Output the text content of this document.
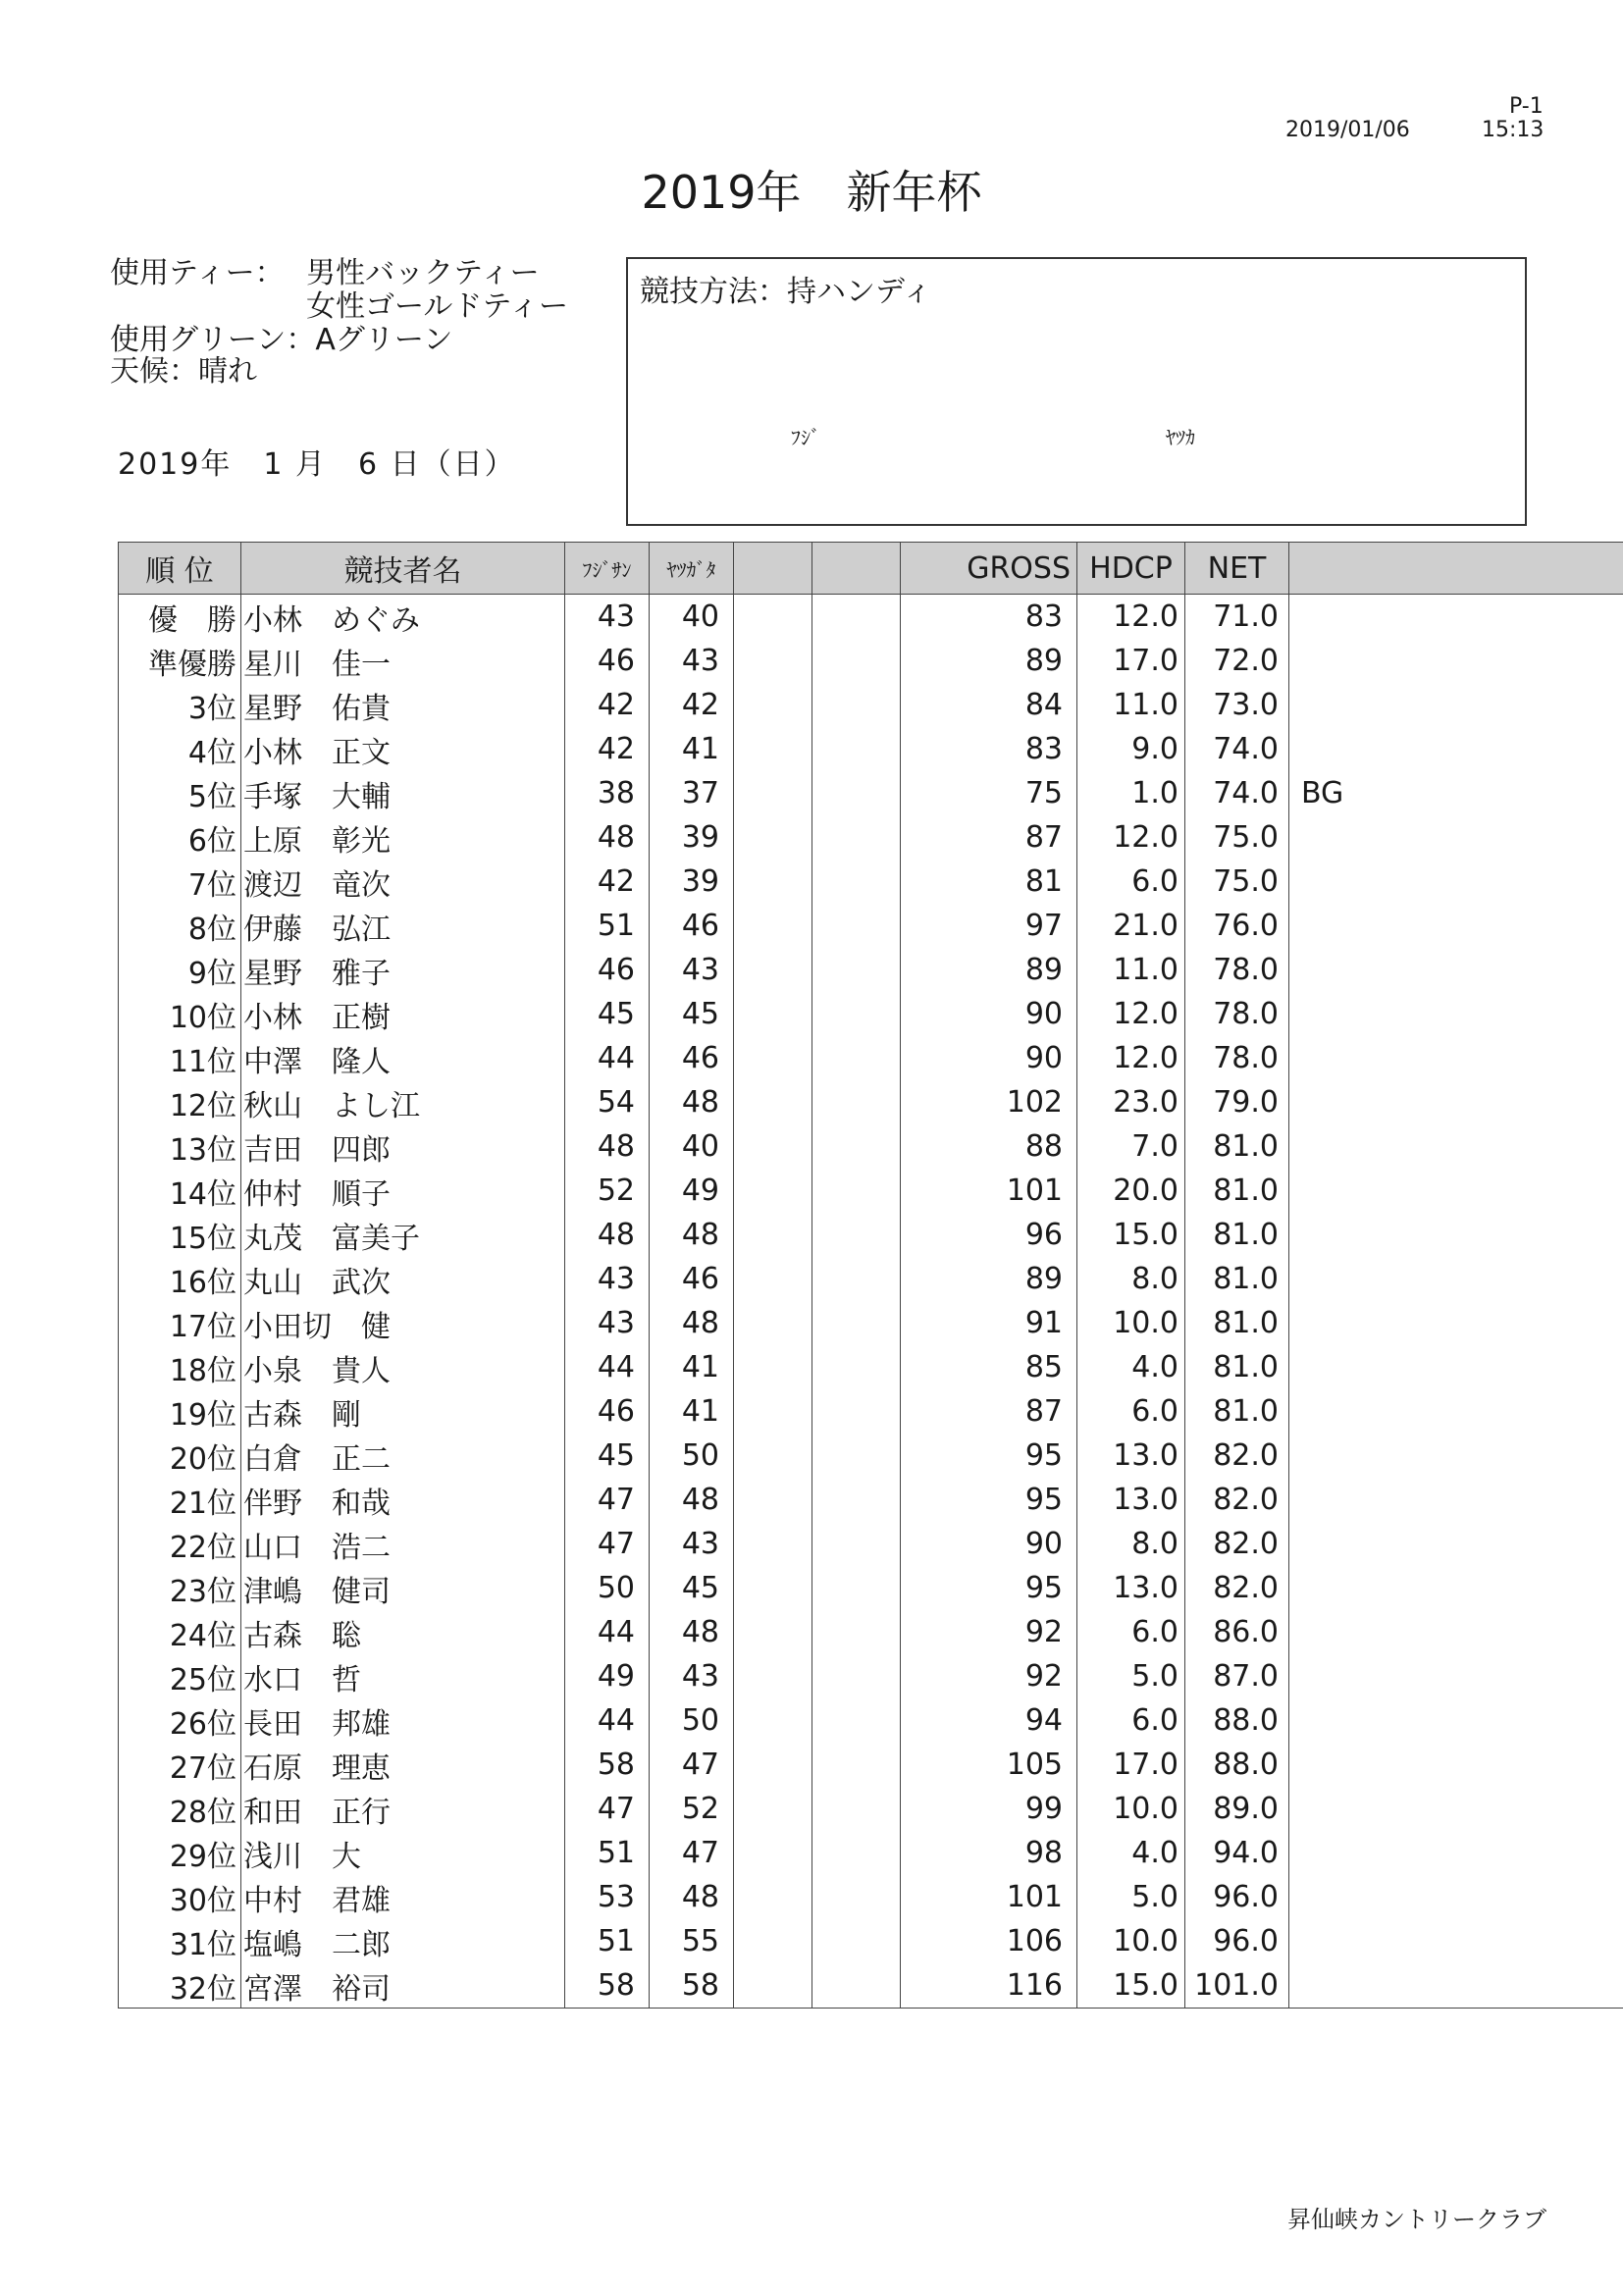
P-1
2019/01/06	15:13
2019年　新年杯
使用ティー： 男性バックティー
女性ゴールドティー
使用グリーン：Aグリーン
天候：晴れ
2019年　1 月　6 日（日）
競技方法：持ハンディ
ﾌｼﾞ	ﾔﾂｶ
順 位	競技者名	ﾌｼﾞｻﾝ	ﾔﾂｶﾞﾀ			GROSS	HDCP	NET	
優　勝	小林　めぐみ	43	40			83	12.0	71.0	
準優勝	星川　佳一	46	43			89	17.0	72.0	
3位	星野　佑貴	42	42			84	11.0	73.0	
4位	小林　正文	42	41			83	9.0	74.0	
5位	手塚　大輔	38	37			75	1.0	74.0	BG
6位	上原　彰光	48	39			87	12.0	75.0	
7位	渡辺　竜次	42	39			81	6.0	75.0	
8位	伊藤　弘江	51	46			97	21.0	76.0	
9位	星野　雅子	46	43			89	11.0	78.0	
10位	小林　正樹	45	45			90	12.0	78.0	
11位	中澤　隆人	44	46			90	12.0	78.0	
12位	秋山　よし江	54	48			102	23.0	79.0	
13位	吉田　四郎	48	40			88	7.0	81.0	
14位	仲村　順子	52	49			101	20.0	81.0	
15位	丸茂　富美子	48	48			96	15.0	81.0	
16位	丸山　武次	43	46			89	8.0	81.0	
17位	小田切　健	43	48			91	10.0	81.0	
18位	小泉　貴人	44	41			85	4.0	81.0	
19位	古森　剛	46	41			87	6.0	81.0	
20位	白倉　正二	45	50			95	13.0	82.0	
21位	伴野　和哉	47	48			95	13.0	82.0	
22位	山口　浩二	47	43			90	8.0	82.0	
23位	津嶋　健司	50	45			95	13.0	82.0	
24位	古森　聡	44	48			92	6.0	86.0	
25位	水口　哲	49	43			92	5.0	87.0	
26位	長田　邦雄	44	50			94	6.0	88.0	
27位	石原　理恵	58	47			105	17.0	88.0	
28位	和田　正行	47	52			99	10.0	89.0	
29位	浅川　大	51	47			98	4.0	94.0	
30位	中村　君雄	53	48			101	5.0	96.0	
31位	塩嶋　二郎	51	55			106	10.0	96.0	
32位	宮澤　裕司	58	58			116	15.0	101.0	
昇仙峡カントリークラブ
